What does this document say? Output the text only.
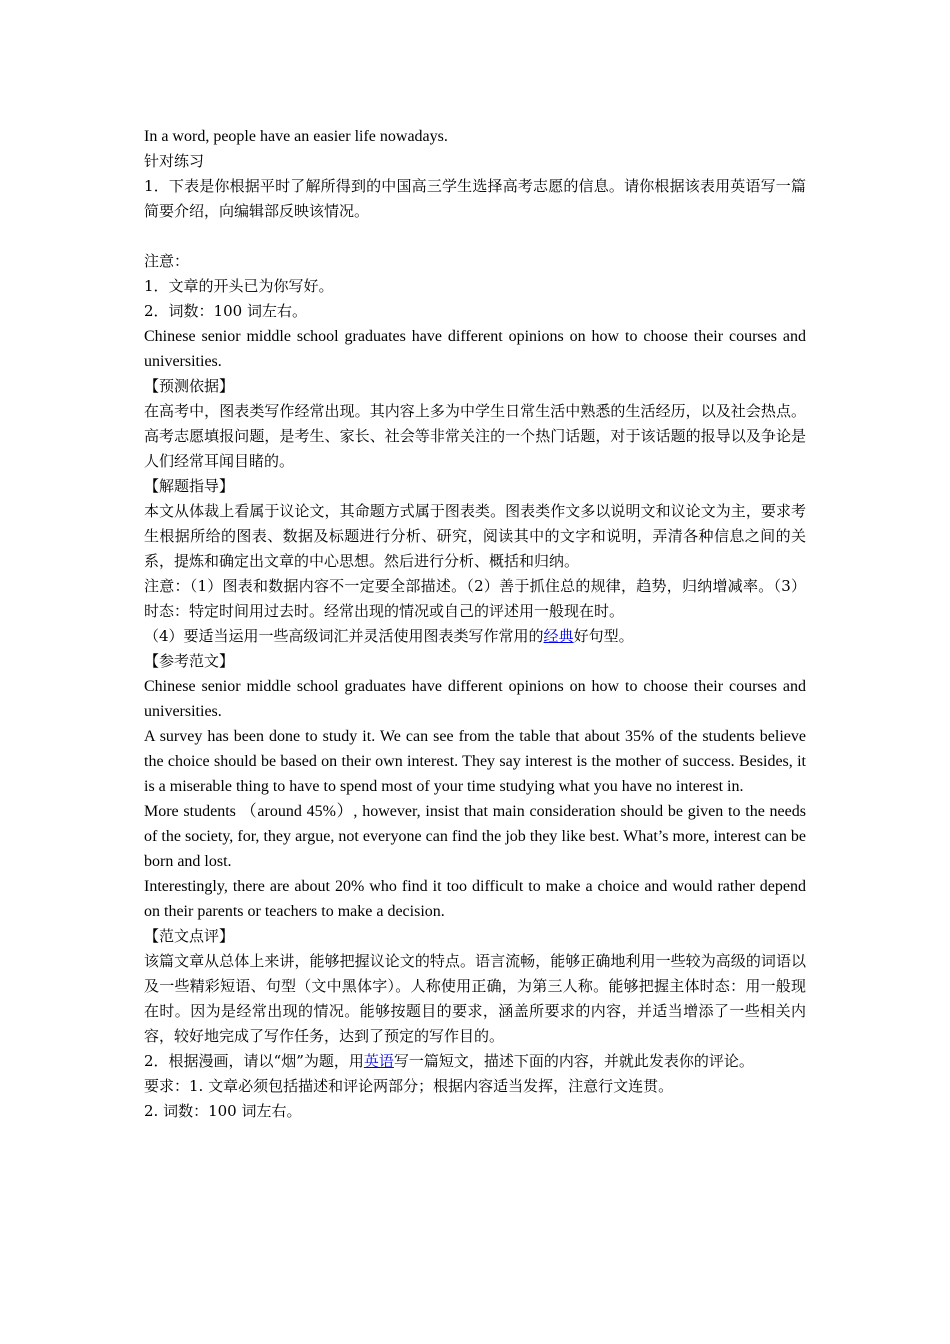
In a word, people have an easier life nowadays.

针对练习

1．下表是你根据平时了解所得到的中国高三学生选择高考志愿的信息。请你根据该表用英语写一篇简要介绍，向编辑部反映该情况。

注意：

1．文章的开头已为你写好。

2．词数：100 词左右。

Chinese senior middle school graduates have different opinions on how to choose their courses and universities.

【预测依据】

在高考中，图表类写作经常出现。其内容上多为中学生日常生活中熟悉的生活经历，以及社会热点。高考志愿填报问题，是考生、家长、社会等非常关注的一个热门话题，对于该话题的报导以及争论是人们经常耳闻目睹的。

【解题指导】

本文从体裁上看属于议论文，其命题方式属于图表类。图表类作文多以说明文和议论文为主，要求考生根据所给的图表、数据及标题进行分析、研究，阅读其中的文字和说明，弄清各种信息之间的关系，提炼和确定出文章的中心思想。然后进行分析、概括和归纳。

注意：（1）图表和数据内容不一定要全部描述。（2）善于抓住总的规律，趋势，归纳增减率。（3）时态：特定时间用过去时。经常出现的情况或自己的评述用一般现在时。

（4）要适当运用一些高级词汇并灵活使用图表类写作常用的经典好句型。

【参考范文】

Chinese senior middle school graduates have different opinions on how to choose their courses and universities.

A survey has been done to study it. We can see from the table that about 35% of the students believe the choice should be based on their own interest. They say interest is the mother of success. Besides, it is a miserable thing to have to spend most of your time studying what you have no interest in.

More students （around 45%）, however, insist that main consideration should be given to the needs of the society, for, they argue, not everyone can find the job they like best. What’s more, interest can be born and lost.

Interestingly, there are about 20% who find it too difficult to make a choice and would rather depend on their parents or teachers to make a decision.

【范文点评】

该篇文章从总体上来讲，能够把握议论文的特点。语言流畅，能够正确地利用一些较为高级的词语以及一些精彩短语、句型（文中黑体字）。人称使用正确，为第三人称。能够把握主体时态：用一般现在时。因为是经常出现的情况。能够按题目的要求，涵盖所要求的内容，并适当增添了一些相关内容，较好地完成了写作任务，达到了预定的写作目的。

2．根据漫画，请以“烟”为题，用英语写一篇短文，描述下面的内容，并就此发表你的评论。

要求：1. 文章必须包括描述和评论两部分；根据内容适当发挥，注意行文连贯。

2. 词数：100 词左右。
